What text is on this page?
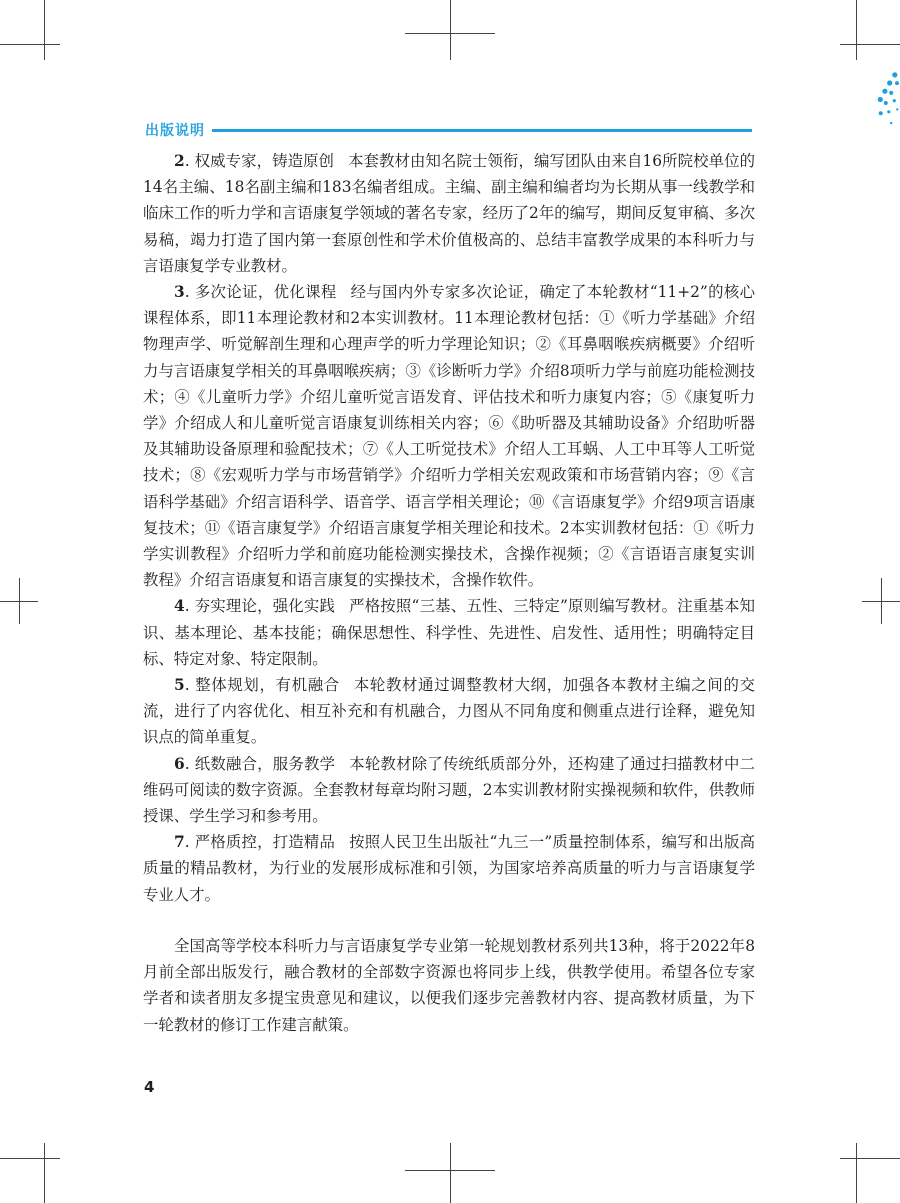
出版说明

2. 权威专家，铸造原创 本套教材由知名院士领衔，编写团队由来自16所院校单位的14名主编、18名副主编和183名编者组成。主编、副主编和编者均为长期从事一线教学和临床工作的听力学和言语康复学领域的著名专家，经历了2年的编写，期间反复审稿、多次易稿，竭力打造了国内第一套原创性和学术价值极高的、总结丰富教学成果的本科听力与言语康复学专业教材。

3. 多次论证，优化课程 经与国内外专家多次论证，确定了本轮教材“11+2”的核心课程体系，即11本理论教材和2本实训教材。11本理论教材包括：①《听力学基础》介绍物理声学、听觉解剖生理和心理声学的听力学理论知识；②《耳鼻咽喉疾病概要》介绍听力与言语康复学相关的耳鼻咽喉疾病；③《诊断听力学》介绍8项听力学与前庭功能检测技术；④《儿童听力学》介绍儿童听觉言语发育、评估技术和听力康复内容；⑤《康复听力学》介绍成人和儿童听觉言语康复训练相关内容；⑥《助听器及其辅助设备》介绍助听器及其辅助设备原理和验配技术；⑦《人工听觉技术》介绍人工耳蜗、人工中耳等人工听觉技术；⑧《宏观听力学与市场营销学》介绍听力学相关宏观政策和市场营销内容；⑨《言语科学基础》介绍言语科学、语音学、语言学相关理论；⑩《言语康复学》介绍9项言语康复技术；⑪《语言康复学》介绍语言康复学相关理论和技术。2本实训教材包括：①《听力学实训教程》介绍听力学和前庭功能检测实操技术，含操作视频；②《言语语言康复实训教程》介绍言语康复和语言康复的实操技术，含操作软件。

4. 夯实理论，强化实践 严格按照“三基、五性、三特定”原则编写教材。注重基本知识、基本理论、基本技能；确保思想性、科学性、先进性、启发性、适用性；明确特定目标、特定对象、特定限制。

5. 整体规划，有机融合 本轮教材通过调整教材大纲，加强各本教材主编之间的交流，进行了内容优化、相互补充和有机融合，力图从不同角度和侧重点进行诠释，避免知识点的简单重复。

6. 纸数融合，服务教学 本轮教材除了传统纸质部分外，还构建了通过扫描教材中二维码可阅读的数字资源。全套教材每章均附习题，2本实训教材附实操视频和软件，供教师授课、学生学习和参考用。

7. 严格质控，打造精品 按照人民卫生出版社“九三一”质量控制体系，编写和出版高质量的精品教材，为行业的发展形成标准和引领，为国家培养高质量的听力与言语康复学专业人才。

全国高等学校本科听力与言语康复学专业第一轮规划教材系列共13种，将于2022年8月前全部出版发行，融合教材的全部数字资源也将同步上线，供教学使用。希望各位专家学者和读者朋友多提宝贵意见和建议，以便我们逐步完善教材内容、提高教材质量，为下一轮教材的修订工作建言献策。

4
